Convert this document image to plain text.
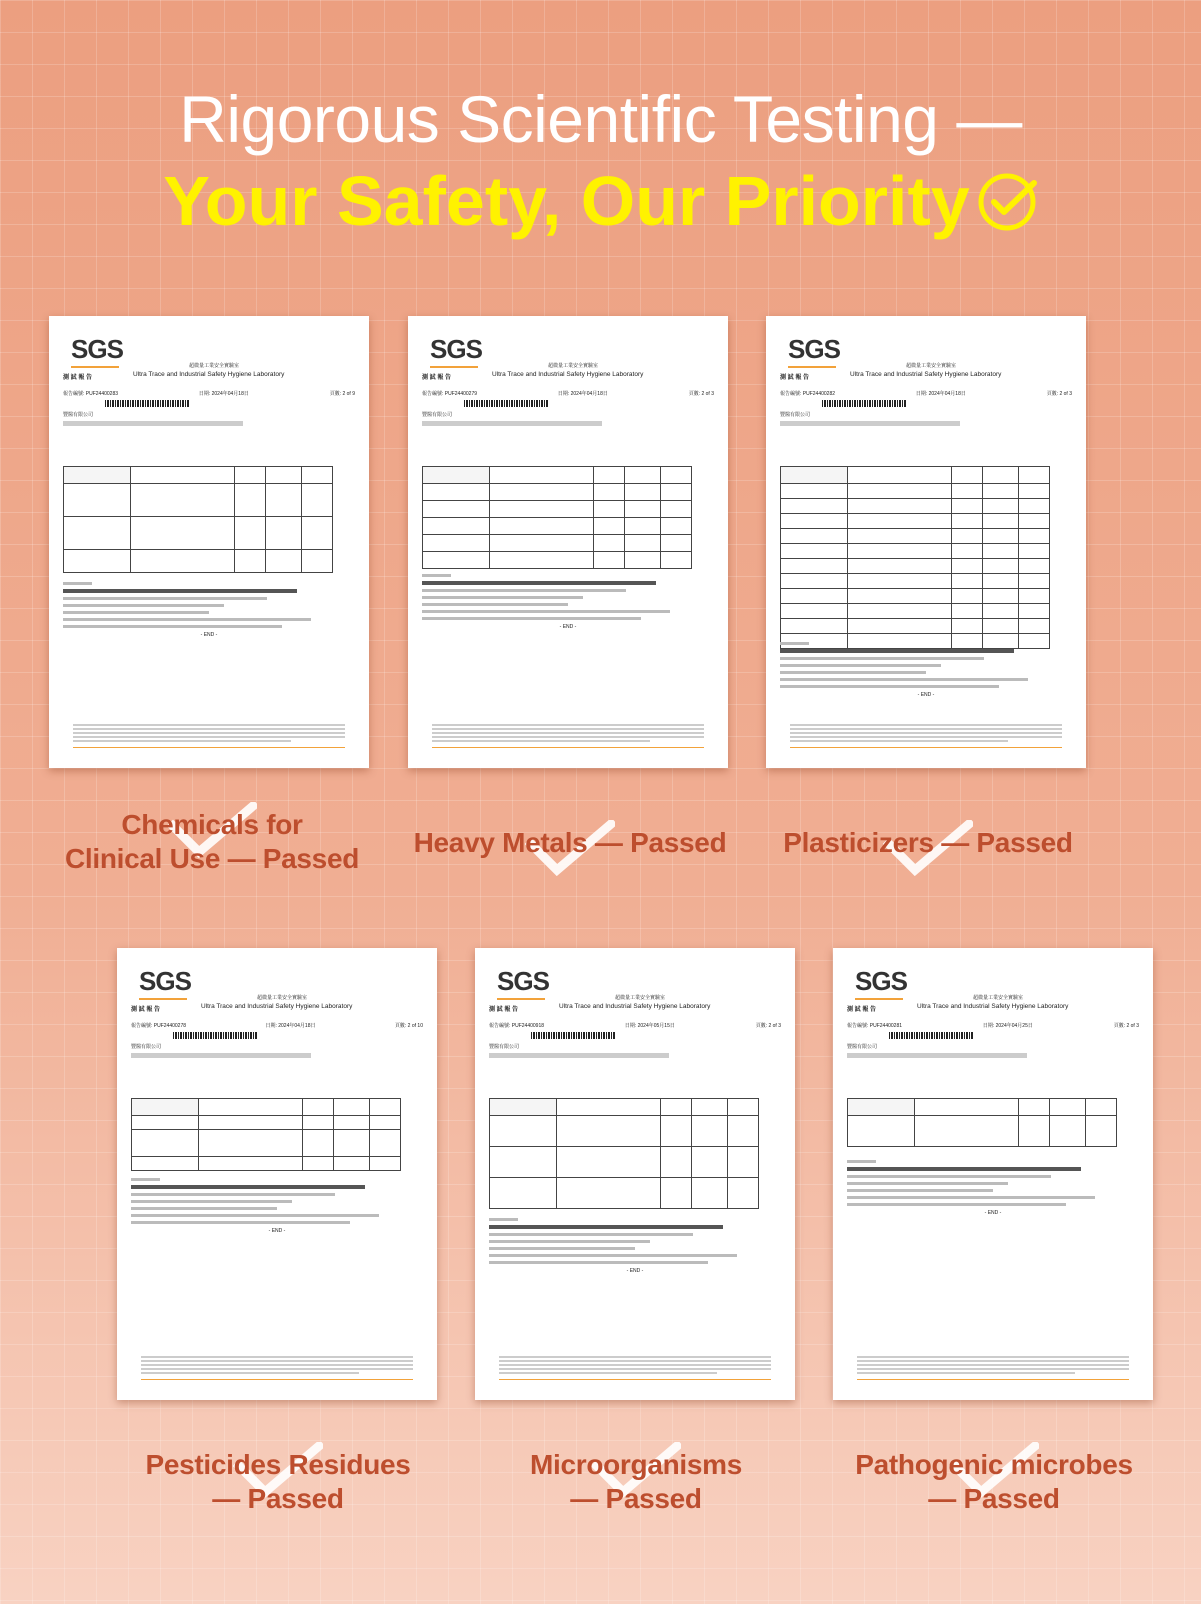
Rigorous Scientific Testing —
Your Safety, Our Priority
SGS
超微量工業安全實驗室
測 試 報 告	Ultra Trace and Industrial Safety Hygiene Laboratory
報告編號: PUF24400283	日期: 2024年04月18日	頁數: 2 of 9
豐醫有限公司

- END -
SGS
超微量工業安全實驗室
測 試 報 告	Ultra Trace and Industrial Safety Hygiene Laboratory
報告編號: PUF24400279	日期: 2024年04月18日	頁數: 2 of 3
豐醫有限公司

- END -
SGS
超微量工業安全實驗室
測 試 報 告	Ultra Trace and Industrial Safety Hygiene Laboratory
報告編號: PUF24400282	日期: 2024年04月18日	頁數: 2 of 3
豐醫有限公司

- END -
SGS
超微量工業安全實驗室
測 試 報 告	Ultra Trace and Industrial Safety Hygiene Laboratory
報告編號: PUF24400278	日期: 2024年04月18日	頁數: 2 of 10
豐醫有限公司

- END -
SGS
超微量工業安全實驗室
測 試 報 告	Ultra Trace and Industrial Safety Hygiene Laboratory
報告編號: PUF24400918	日期: 2024年05月15日	頁數: 2 of 3
豐醫有限公司

- END -
SGS
超微量工業安全實驗室
測 試 報 告	Ultra Trace and Industrial Safety Hygiene Laboratory
報告編號: PUF24400281	日期: 2024年04月25日	頁數: 2 of 3
豐醫有限公司

- END -
Chemicals for
Clinical Use — Passed
Heavy Metals — Passed	Plasticizers — Passed
Pesticides Residues
— Passed
Microorganisms
— Passed
Pathogenic microbes
— Passed
